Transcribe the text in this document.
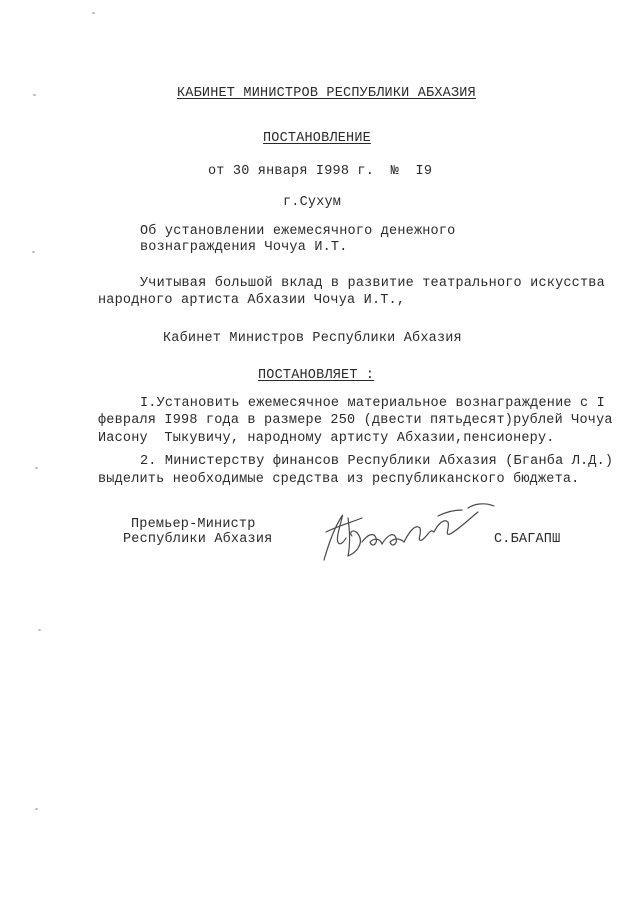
КАБИНЕТ МИНИСТРОВ РЕСПУБЛИКИ АБХАЗИЯ
ПОСТАНОВЛЕНИЕ
от 30 января I998 г.  №  I9
г.Сухум
Об установлении ежемесячного денежного
вознаграждения Чочуа И.Т.
Учитывая большой вклад в развитие театрального искусства
народного артиста Абхазии Чочуа И.Т.,
Кабинет Министров Республики Абхазия
ПОСТАНОВЛЯЕТ :
I.Установить ежемесячное материальное вознаграждение с I
февраля I998 года в размере 250 (двести пятьдесят)рублей Чочуа
Иасону  Тыкувичу, народному артисту Абхазии,пенсионеру.
2. Министерству финансов Республики Абхазия (Бганба Л.Д.)
выделить необходимые средства из республиканского бюджета.
Премьер-Министр
Республики Абхазия	С.БАГАПШ
